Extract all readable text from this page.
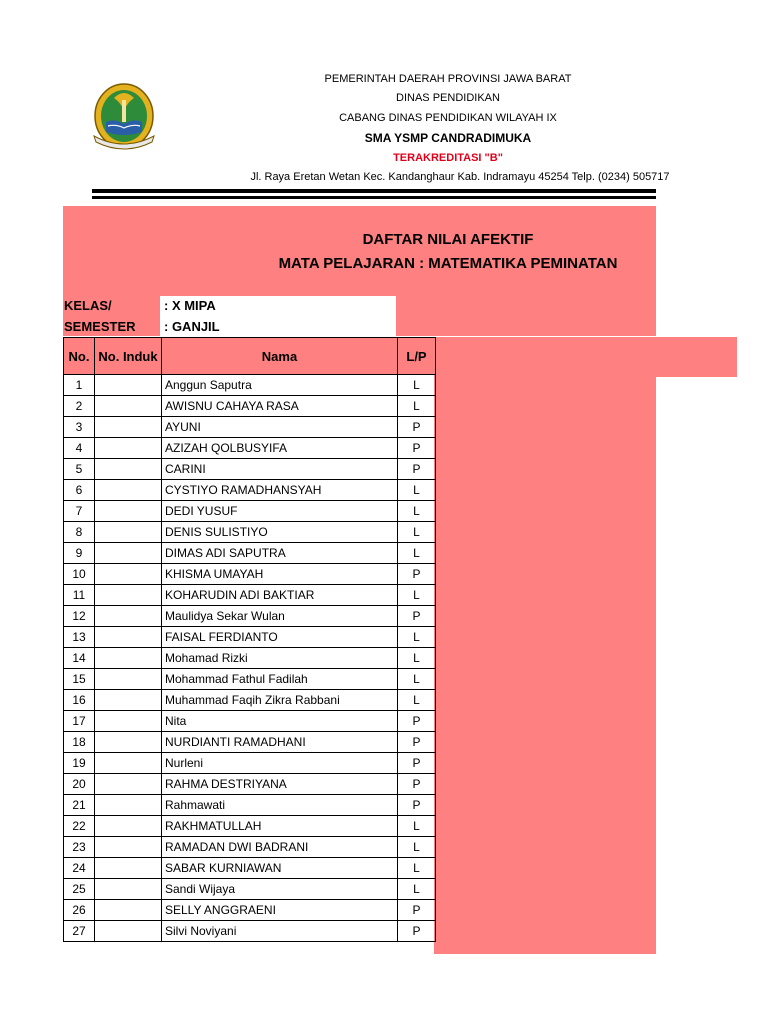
PEMERINTAH DAERAH PROVINSI JAWA BARAT
DINAS PENDIDIKAN
CABANG DINAS PENDIDIKAN WILAYAH IX
SMA YSMP CANDRADIMUKA
TERAKREDITASI "B"
Jl. Raya Eretan Wetan Kec. Kandanghaur Kab. Indramayu 45254 Telp. (0234) 505717
DAFTAR NILAI AFEKTIF
MATA PELAJARAN : MATEMATIKA PEMINATAN
KELAS/	: X MIPA
SEMESTER : GANJIL
No.	No. Induk	Nama	L/P
1		Anggun Saputra	L
2		AWISNU CAHAYA RASA	L
3		AYUNI	P
4		AZIZAH QOLBUSYIFA	P
5		CARINI	P
6		CYSTIYO RAMADHANSYAH	L
7		DEDI YUSUF	L
8		DENIS SULISTIYO	L
9		DIMAS ADI SAPUTRA	L
10		KHISMA UMAYAH	P
11		KOHARUDIN ADI BAKTIAR	L
12		Maulidya Sekar Wulan	P
13		FAISAL FERDIANTO	L
14		Mohamad Rizki	L
15		Mohammad Fathul Fadilah	L
16		Muhammad Faqih Zikra Rabbani	L
17		Nita	P
18		NURDIANTI RAMADHANI	P
19		Nurleni	P
20		RAHMA DESTRIYANA	P
21		Rahmawati	P
22		RAKHMATULLAH	L
23		RAMADAN DWI BADRANI	L
24		SABAR KURNIAWAN	L
25		Sandi Wijaya	L
26		SELLY ANGGRAENI	P
27		Silvi Noviyani	P
